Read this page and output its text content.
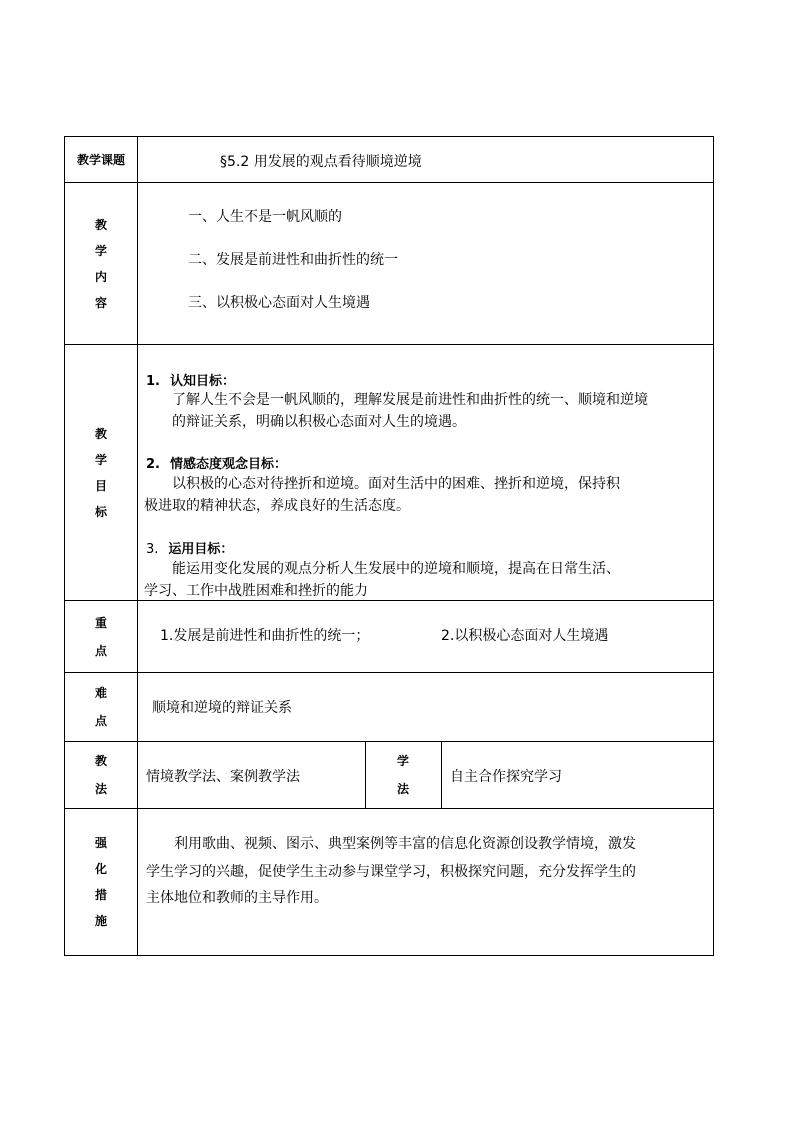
教学课题	§5.2 用发展的观点看待顺境逆境
教
学
内
容
一、人生不是一帆风顺的
二、发展是前进性和曲折性的统一
三、以积极心态面对人生境遇
教
学
目
标
1. 认知目标：
了解人生不会是一帆风顺的，理解发展是前进性和曲折性的统一、顺境和逆境
的辩证关系，明确以积极心态面对人生的境遇。
2. 情感态度观念目标：
以积极的心态对待挫折和逆境。面对生活中的困难、挫折和逆境，保持积
极进取的精神状态，养成良好的生活态度。
3. 运用目标：
能运用变化发展的观点分析人生发展中的逆境和顺境，提高在日常生活、
学习、工作中战胜困难和挫折的能力
重
点
1.发展是前进性和曲折性的统一；	2.以积极心态面对人生境遇
难
点
顺境和逆境的辩证关系
教
法
情境教学法、案例教学法
学
法
自主合作探究学习
强
化
措
施
利用歌曲、视频、图示、典型案例等丰富的信息化资源创设教学情境，激发
学生学习的兴趣，促使学生主动参与课堂学习，积极探究问题，充分发挥学生的
主体地位和教师的主导作用。
